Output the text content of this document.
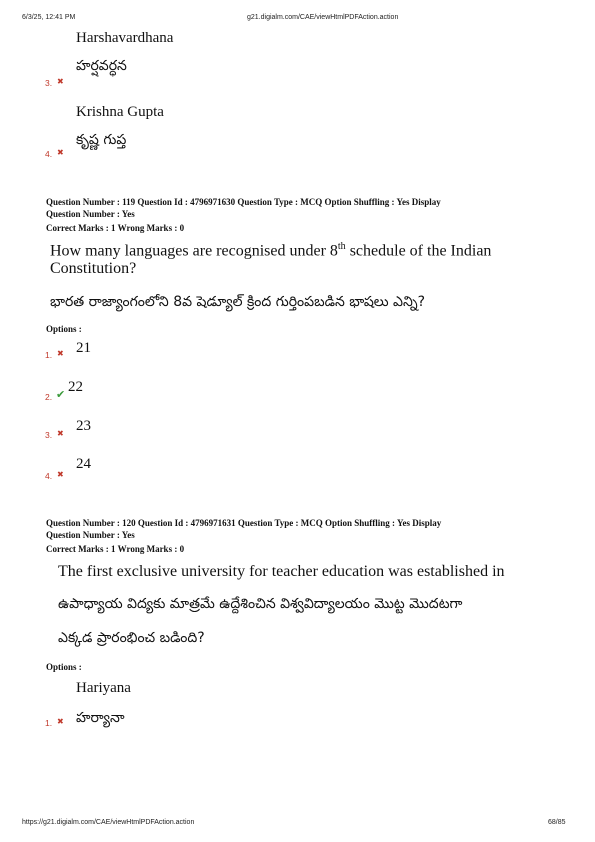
6/3/25, 12:41 PM	g21.digialm.com/CAE/viewHtmlPDFAction.action
Harshavardhana
హర్షవర్ధన
3. ✖
Krishna Gupta
కృష్ణ గుప్త
4. ✖
Question Number : 119 Question Id : 4796971630 Question Type : MCQ Option Shuffling : Yes Display
Question Number : Yes
Correct Marks : 1 Wrong Marks : 0
How many languages are recognised under 8th schedule of the Indian
Constitution?
భారత రాజ్యాంగంలోని 8వ షెడ్యూల్ క్రింద గుర్తింపబడిన భాషలు ఎన్ని?
Options :
1. ✖ 21
2. ✔ 22
3. ✖ 23
4. ✖
24
Question Number : 120 Question Id : 4796971631 Question Type : MCQ Option Shuffling : Yes Display
Question Number : Yes
Correct Marks : 1 Wrong Marks : 0
The first exclusive university for teacher education was established in
ఉపాధ్యాయ విద్యకు మాత్రమే ఉద్దేశించిన విశ్వవిద్యాలయం మొట్ట మొదటగా
ఎక్కడ ప్రారంభించ బడింది?
Options :
Hariyana
1. ✖ హర్యానా
https://g21.digialm.com/CAE/viewHtmlPDFAction.action	68/85
